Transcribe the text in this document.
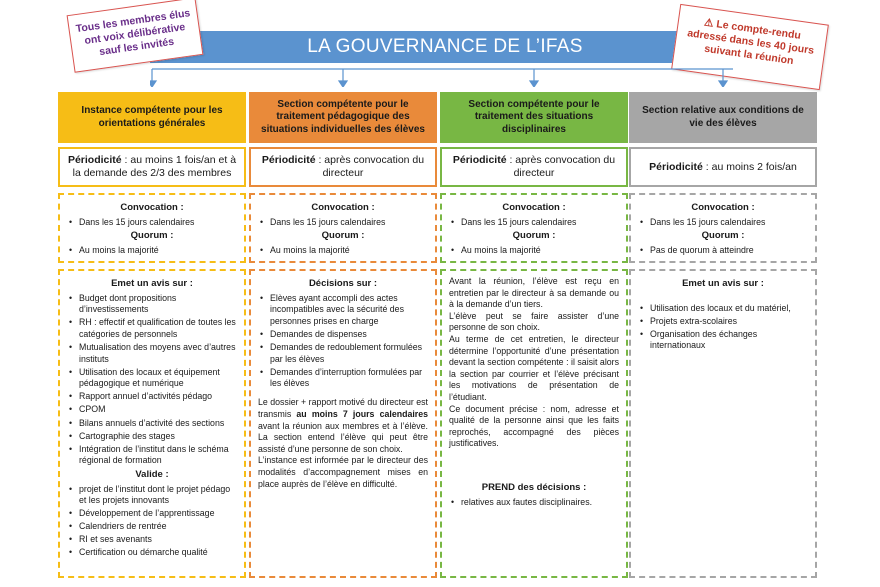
LA GOUVERNANCE DE L’IFAS
Tous les membres élus ont voix délibérative sauf les invités
⚠ Le compte-rendu adressé dans les 40 jours suivant la réunion
Instance compétente pour les orientations générales
Section compétente pour le traitement pédagogique des situations individuelles des élèves
Section compétente pour le traitement des situations disciplinaires
Section relative aux conditions de vie des élèves
Périodicité : au moins 1 fois/an et à la demande des 2/3 des membres
Périodicité : après convocation du directeur
Périodicité : après convocation du directeur
Périodicité : au moins 2 fois/an
Convocation :
• Dans les 15 jours calendaires
Quorum :
• Au moins la majorité
Convocation :
• Dans les 15 jours calendaires
Quorum :
• Au moins la majorité
Convocation :
• Dans les 15 jours calendaires
Quorum :
• Au moins la majorité
Convocation :
• Dans les 15 jours calendaires
Quorum :
• Pas de quorum à atteindre
Emet un avis sur :
• Budget dont propositions d’investissements
• RH : effectif et qualification de toutes les catégories de personnels
• Mutualisation des moyens avec d’autres instituts
• Utilisation des locaux et équipement pédagogique et numérique
• Rapport annuel d’activités pédago
• CPOM
• Bilans annuels d’activité des sections
• Cartographie des stages
• Intégration de l’institut dans le schéma régional de formation
Valide :
• projet de l’institut dont le projet pédago et les projets innovants
• Développement de l’apprentissage
• Calendriers de rentrée
• RI et ses avenants
• Certification ou démarche qualité
Décisions sur :
• Elèves ayant accompli des actes incompatibles avec la sécurité des personnes prises en charge
• Demandes de dispenses
• Demandes de redoublement formulées par les élèves
• Demandes d’interruption formulées par les élèves

Le dossier + rapport motivé du directeur est transmis au moins 7 jours calendaires avant la réunion aux membres et à l’élève. La section entend l’élève qui peut être assisté d’une personne de son choix.

L’instance est informée par le directeur des modalités d’accompagnement mises en place auprès de l’élève en difficulté.

Avant la réunion, l’élève est reçu en entretien par le directeur à sa demande ou à la demande d’un tiers.

L’élève peut se faire assister d’une personne de son choix.

Au terme de cet entretien, le directeur détermine l’opportunité d’une présentation devant la section compétente : il saisit alors la section par courrier et l’élève précisant les motivations de présentation de l’étudiant.

Ce document précise : nom, adresse et qualité de la personne ainsi que les faits reprochés, accompagné des pièces justificatives.

PREND des décisions :
• relatives aux fautes disciplinaires.
Emet un avis sur :
• Utilisation des locaux et du matériel,
• Projets extra-scolaires
• Organisation des échanges internationaux
